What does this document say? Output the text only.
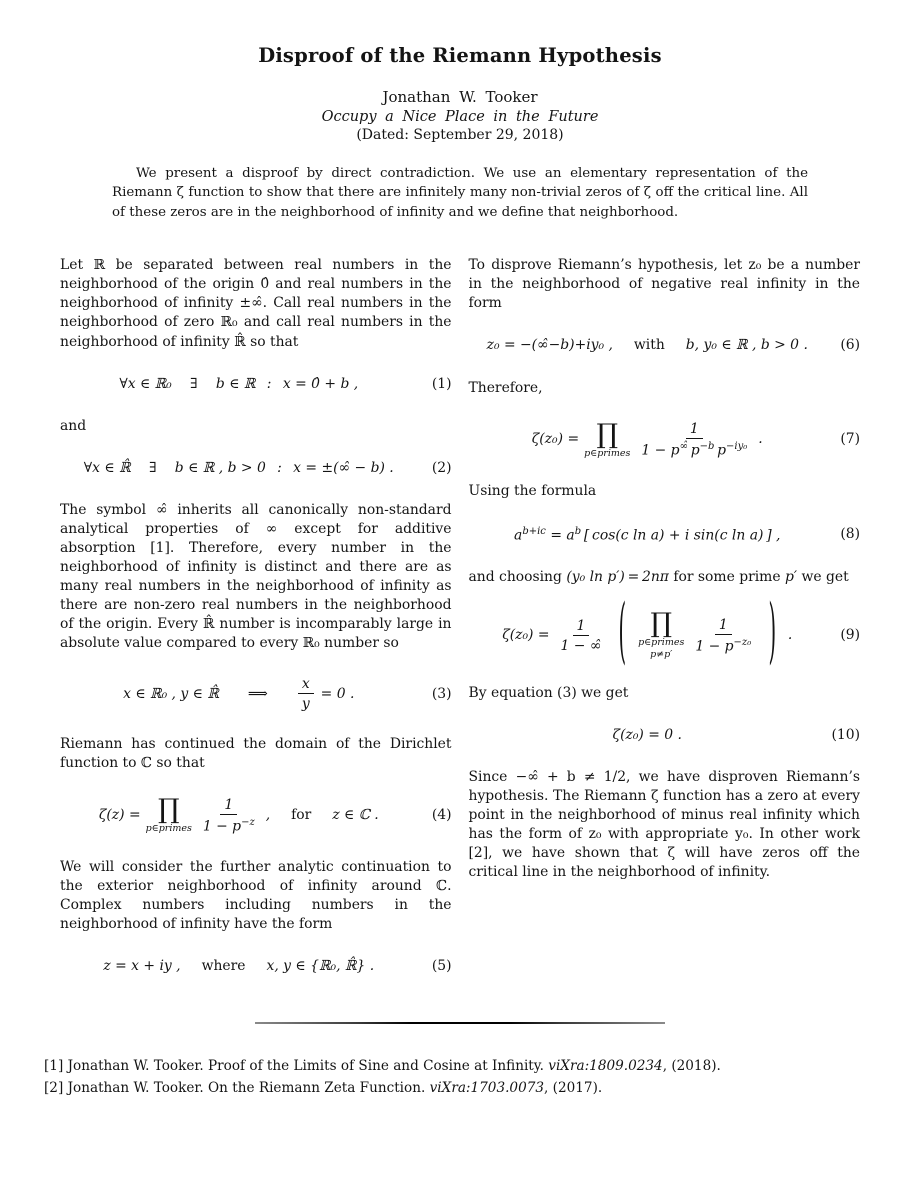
Disproof of the Riemann Hypothesis
Jonathan W. Tooker
Occupy a Nice Place in the Future
(Dated: September 29, 2018)

We present a disproof by direct contradiction. We use an elementary representation of the Riemann ζ function to show that there are infinitely many non-trivial zeros of ζ off the critical line. All of these zeros are in the neighborhood of infinity and we define that neighborhood.

Let ℝ be separated between real numbers in the neighborhood of the origin 0̂ and real numbers in the neighborhood of infinity ±∞̂. Call real numbers in the neighborhood of zero ℝ₀ and call real numbers in the neighborhood of infinity ℝ̂ so that

∀x ∈ ℝ₀  ∃  b ∈ ℝ  :  x = 0̂ + b ,	(1)

and

∀x ∈ ℝ̂  ∃  b ∈ ℝ , b > 0  :  x = ±(∞̂ − b) .	(2)

The symbol ∞̂ inherits all canonically non-standard analytical properties of ∞ except for additive absorption [1]. Therefore, every number in the neighborhood of infinity is distinct and there are as many real numbers in the neighborhood of infinity as there are non-zero real numbers in the neighborhood of the origin. Every ℝ̂ number is incomparably large in absolute value compared to every ℝ₀ number so

x ∈ ℝ₀ , y ∈ ℝ̂ ⟹ $\frac{x}{y} = 0$ .	(3)

Riemann has continued the domain of the Dirichlet function to ℂ so that

ζ(z) = ∏
p∈primes $\frac{1}{1 - p^{-z}}$ , for z ∈ ℂ .	(4)

We will consider the further analytic continuation to the exterior neighborhood of infinity around ℂ. Complex numbers including numbers in the neighborhood of infinity have the form

z = x + iy , where x, y ∈ {ℝ₀, ℝ̂} .	(5)

To disprove Riemann’s hypothesis, let z₀ be a number in the neighborhood of negative real infinity in the form

z₀ = −(∞̂−b)+iy₀ , with b, y₀ ∈ ℝ , b > 0 .	(6)

Therefore,

ζ(z₀) = ∏
p∈primes $\frac{1}{1 - p^{\inftŷ} p^{-b} p^{-iy_0}}$ .	(7)

Using the formula

$a^{b+ic} = a^b$ [ cos(c ln a) + i sin(c ln a) ] ,	(8)

and choosing (y₀ ln p′) = 2nπ for some prime p′ we get

$\zeta(z_0) = \frac{1}{1 - \inftŷ}$ ( ∏
p∈primes
p≠p′
$\frac{1}{1 - p^{-z_0}}$ ) .	(9)

By equation (3) we get

ζ(z₀) = 0 .	(10)

Since −∞̂ + b ≠ 1/2, we have disproven Riemann’s hypothesis. The Riemann ζ function has a zero at every point in the neighborhood of minus real infinity which has the form of z₀ with appropriate y₀. In other work [2], we have shown that ζ will have zeros off the critical line in the neighborhood of infinity.

[1] Jonathan W. Tooker. Proof of the Limits of Sine and Cosine at Infinity. viXra:1809.0234, (2018).
[2] Jonathan W. Tooker. On the Riemann Zeta Function. viXra:1703.0073, (2017).
